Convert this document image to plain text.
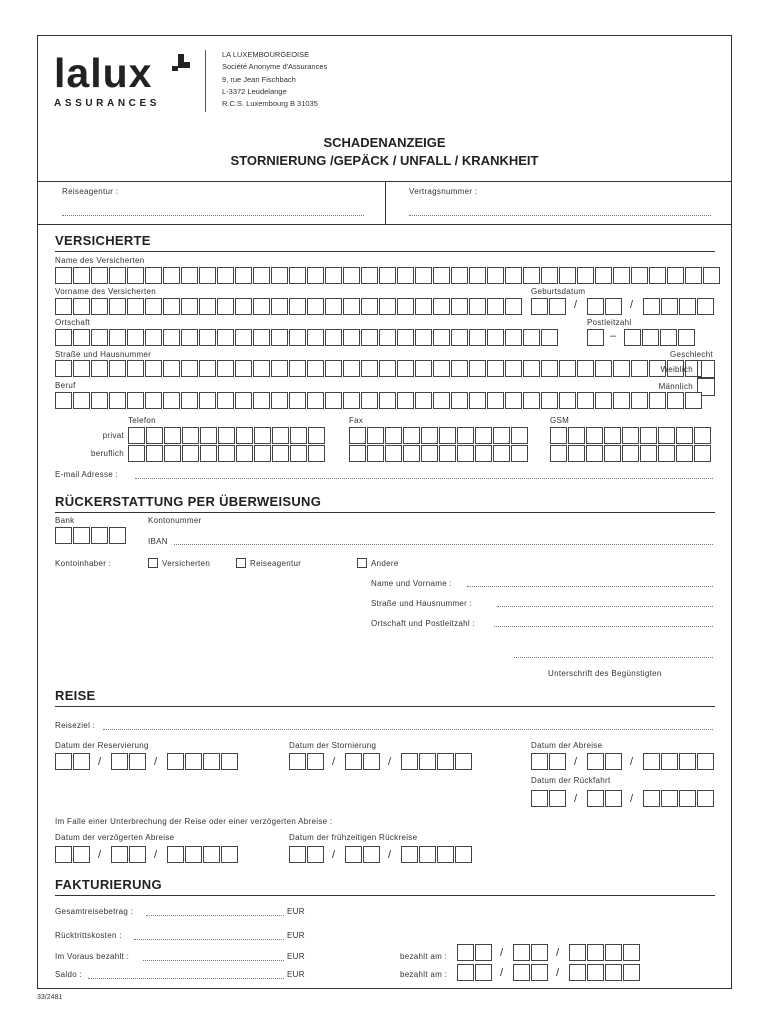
lalux
ASSURANCES
LA LUXEMBOURGEOISE
Société Anonyme d'Assurances
9, rue Jean Fischbach
L-3372 Leudelange
R.C.S. Luxembourg B 31035
SCHADENANZEIGE
STORNIERUNG /GEPÄCK / UNFALL / KRANKHEIT
Reiseagentur :	Vertragsnummer :
VERSICHERTE
Name des Versicherten
Vorname des Versicherten	Geburtsdatum
/	/
Ortschaft	Postleitzahl
–
Straße und Hausnummer	Geschlecht
Weiblich
Beruf	Männlich
Telefon	Fax	GSM
privat
beruflich
E-mail Adresse :
RÜCKERSTATTUNG PER ÜBERWEISUNG
Bank	Kontonummer
IBAN
Kontoinhaber :	Versicherten	Reiseagentur	Andere
Name und Vorname :
Straße und Hausnummer :
Ortschaft und Postleitzahl :
Unterschrift des Begünstigten
REISE
Reiseziel :
Datum der Reservierung	Datum der Stornierung	Datum der Abreise
/	/	/	/	/	/
Datum der Rückfahrt
/	/
Im Falle einer Unterbrechung der Reise oder einer verzögerten Abreise :
Datum der verzögerten Abreise	Datum der frühzeitigen Rückreise
/	/	/	/
FAKTURIERUNG
Gesamtreisebetrag :	EUR
Rücktrittskosten :	EUR
Im Voraus bezahlt :	EUR	bezahlt am :	/	/
Saldo :	EUR	bezahlt am :	/	/
33/2481
